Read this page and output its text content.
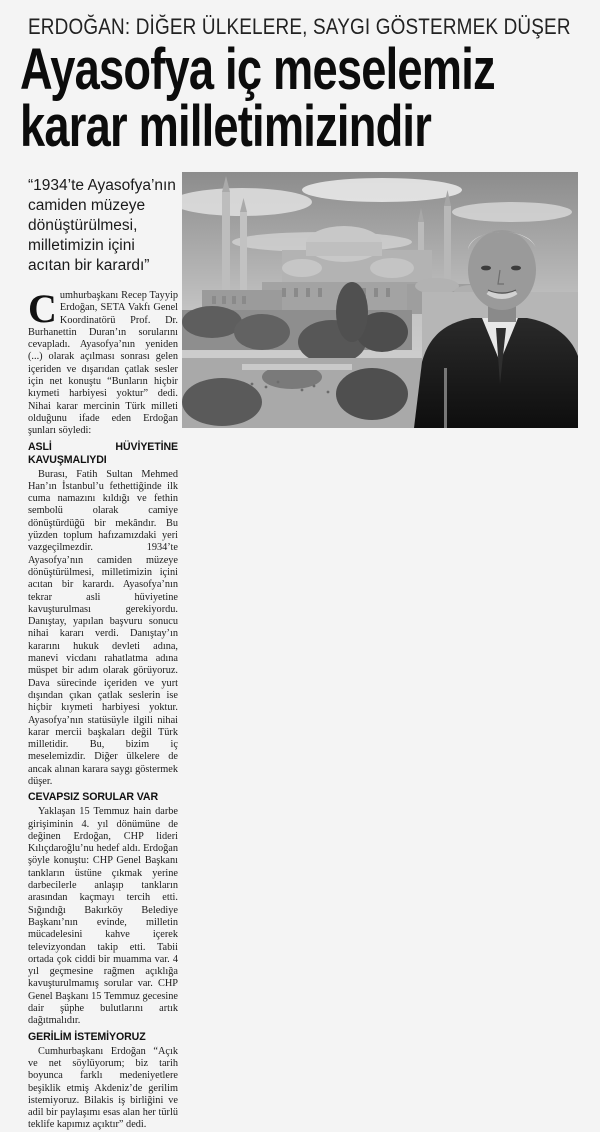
ERDOĞAN: DİĞER ÜLKELERE, SAYGI GÖSTERMEK DÜŞER
Ayasofya iç meselemiz
karar milletimizindir
“1934’te Ayasofya’nın camiden müzeye dönüştürülmesi, milletimizin içini acıtan bir karardı”

Cumhurbaşkanı Recep Tayyip Erdoğan, SETA Vakfı Genel Koordinatörü Prof. Dr. Burhanettin Duran’ın sorularını cevapladı. Ayasofya’nın yeniden (...) olarak açılması sonrası gelen içeriden ve dışarıdan çatlak sesler için net konuştu “Bunların hiçbir kıymeti harbiyesi yoktur” dedi. Nihai karar mercinin Türk milleti olduğunu ifade eden Erdoğan şunları söyledi:

ASLİ HÜVİYETİNE KAVUŞMALIYDI

Burası, Fatih Sultan Mehmed Han’ın İstanbul’u fethettiğinde ilk cuma namazını kıldığı ve fethin sembolü olarak camiye dönüştürdüğü bir mekândır. Bu yüzden toplum hafızamızdaki yeri vazgeçilmezdir. 1934’te Ayasofya’nın camiden müzeye dönüştürülmesi, milletimizin içini acıtan bir karardı. Ayasofya’nın tekrar asli hüviyetine kavuşturulması gerekiyordu. Danıştay, yapılan başvuru sonucu nihai kararı verdi. Danıştay’ın kararını hukuk devleti adına, manevi vicdanı rahatlatma adına müspet bir adım olarak görüyoruz. Dava sürecinde içeriden ve yurt dışından çıkan çatlak seslerin ise hiçbir kıymeti harbiyesi yoktur. Ayasofya’nın statüsüyle ilgili nihai karar mercii başkaları değil Türk milletidir. Bu, bizim iç meselemizdir. Diğer ülkelere de ancak alınan karara saygı göstermek düşer.

CEVAPSIZ SORULAR VAR

Yaklaşan 15 Temmuz hain darbe girişiminin 4. yıl dönümüne de değinen Erdoğan, CHP lideri Kılıçdaroğlu’nu hedef aldı. Erdoğan şöyle konuştu: CHP Genel Başkanı tankların üstüne çıkmak yerine darbecilerle anlaşıp tankların arasından kaçmayı tercih etti. Sığındığı Bakırköy Belediye Başkanı’nın evinde, milletin mücadelesini kahve içerek televizyondan takip etti. Tabii ortada çok ciddi bir muamma var. 4 yıl geçmesine rağmen açıklığa kavuşturulmamış sorular var. CHP Genel Başkanı 15 Temmuz gecesine dair şüphe bulutlarını artık dağıtmalıdır.

GERİLİM İSTEMİYORUZ

Cumhurbaşkanı Erdoğan “Açık ve net söylüyorum; biz tarih boyunca farklı medeniyetlere beşiklik etmiş Akdeniz’de gerilim istemiyoruz. Bilakis iş birliğini ve adil bir paylaşımı esas alan her türlü teklife kapımız açıktır” dedi.
